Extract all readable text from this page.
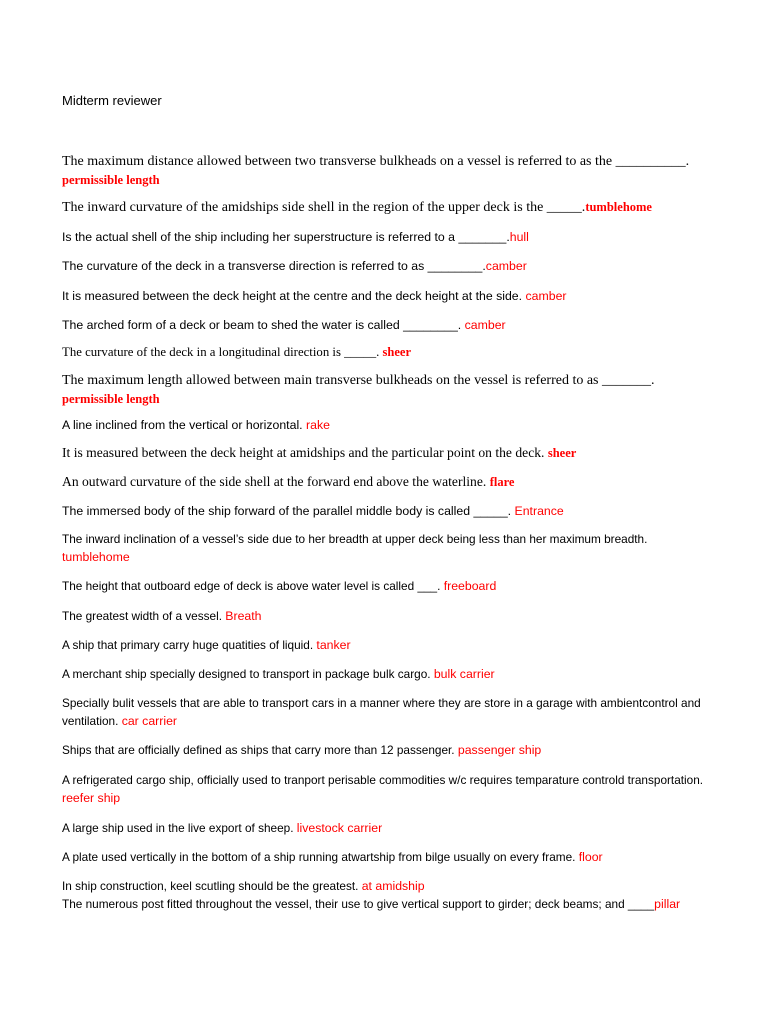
Midterm reviewer

The maximum distance allowed between two transverse bulkheads on a vessel is referred to as the __________. permissible length

The inward curvature of the amidships side shell in the region of the upper deck is the _____.tumblehome

Is the actual shell of the ship including her superstructure is referred to a _______.hull

The curvature of the deck in a transverse direction is referred to as ________.camber

It is measured between the deck height at the centre and the deck height at the side. camber

The arched form of a deck or beam to shed the water is called ________. camber

The curvature of the deck in a longitudinal direction is _____. sheer

The maximum length allowed between main transverse bulkheads on the vessel is referred to as _______.
permissible length

A line inclined from the vertical or horizontal. rake

It is measured between the deck height at amidships and the particular point on the deck. sheer

An outward curvature of the side shell at the forward end above the waterline. flare

The immersed body of the ship forward of the parallel middle body is called _____. Entrance

The inward inclination of a vessel’s side due to her breadth at upper deck being less than her maximum breadth.
tumblehome

The height that outboard edge of deck is above water level is called ___. freeboard

The greatest width of a vessel. Breath

A ship that primary carry huge quatities of liquid. tanker

A merchant ship specially designed to transport in package bulk cargo. bulk carrier

Specially bulit vessels that are able to transport cars in a manner where they are store in a garage with ambientcontrol and ventilation. car carrier

Ships that are officially defined as ships that carry more than 12 passenger. passenger ship

A refrigerated cargo ship, officially used to tranport perisable commodities w/c requires temparature controld transportation. reefer ship

A large ship used in the live export of sheep. livestock carrier

A plate used vertically in the bottom of a ship running atwartship from bilge usually on every frame. floor

In ship construction, keel scutling should be the greatest. at amidship

The numerous post fitted throughout the vessel, their use to give vertical support to girder; deck beams; and ____pillar
